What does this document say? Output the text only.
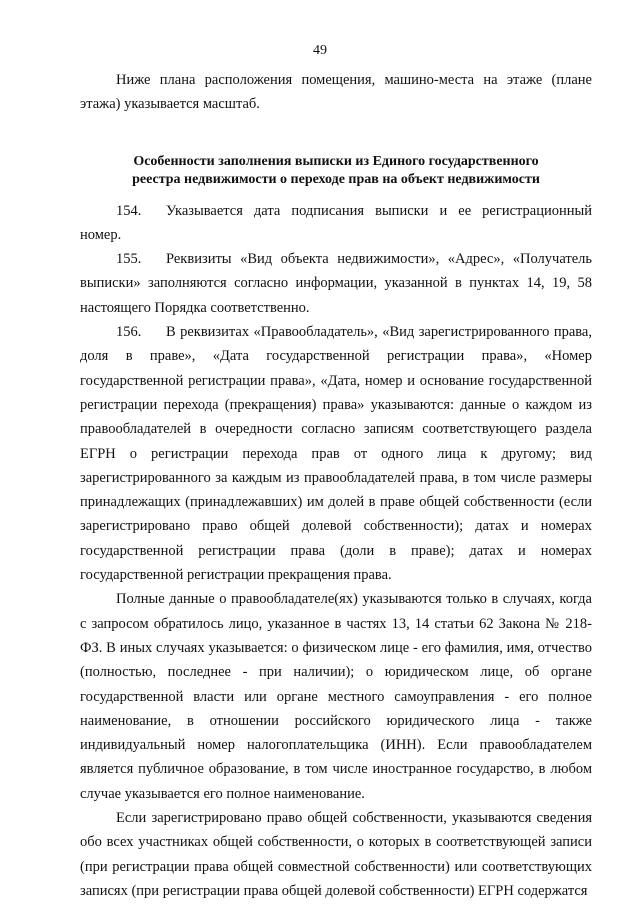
49

Ниже плана расположения помещения, машино-места на этаже (плане этажа) указывается масштаб.

Особенности заполнения выписки из Единого государственного
реестра недвижимости о переходе прав на объект недвижимости

154. Указывается дата подписания выписки и ее регистрационный номер.

155. Реквизиты «Вид объекта недвижимости», «Адрес», «Получатель выписки» заполняются согласно информации, указанной в пунктах 14, 19, 58 настоящего Порядка соответственно.

156. В реквизитах «Правообладатель», «Вид зарегистрированного права, доля в праве», «Дата государственной регистрации права», «Номер государственной регистрации права», «Дата, номер и основание государственной регистрации перехода (прекращения) права» указываются: данные о каждом из правообладателей в очередности согласно записям соответствующего раздела ЕГРН о регистрации перехода прав от одного лица к другому; вид зарегистрированного за каждым из правообладателей права, в том числе размеры принадлежащих (принадлежавших) им долей в праве общей собственности (если зарегистрировано право общей долевой собственности); датах и номерах государственной регистрации права (доли в праве); датах и номерах государственной регистрации прекращения права.

Полные данные о правообладателе(ях) указываются только в случаях, когда с запросом обратилось лицо, указанное в частях 13, 14 статьи 62 Закона № 218-ФЗ. В иных случаях указывается: о физическом лице - его фамилия, имя, отчество (полностью, последнее - при наличии); о юридическом лице, об органе государственной власти или органе местного самоуправления - его полное наименование, в отношении российского юридического лица - также индивидуальный номер налогоплательщика (ИНН). Если правообладателем является публичное образование, в том числе иностранное государство, в любом случае указывается его полное наименование.

Если зарегистрировано право общей собственности, указываются сведения обо всех участниках общей собственности, о которых в соответствующей записи (при регистрации права общей совместной собственности) или соответствующих записях (при регистрации права общей долевой собственности) ЕГРН содержатся
